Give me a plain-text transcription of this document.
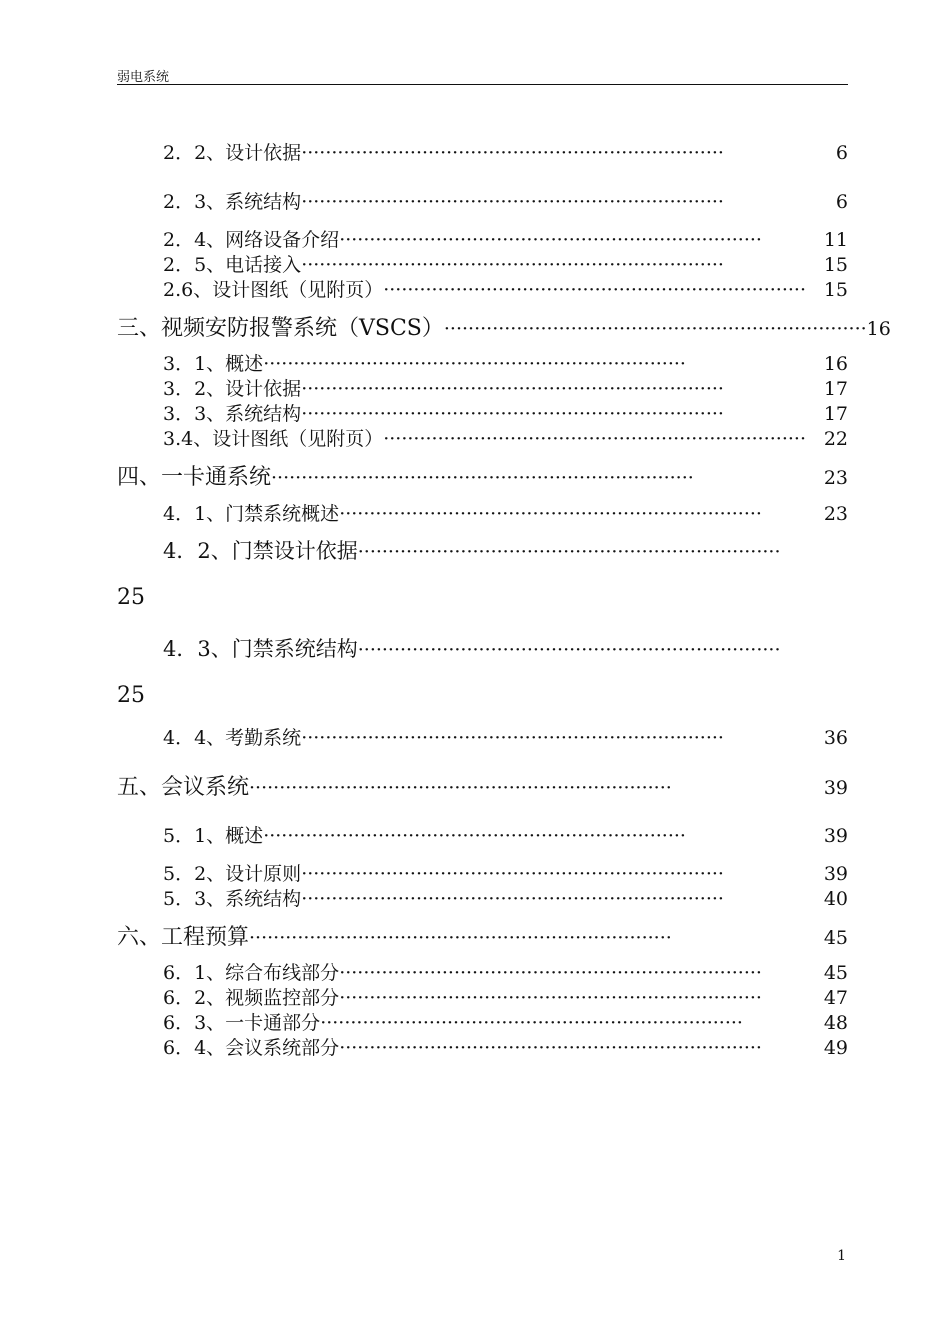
弱电系统
2．2、设计依据 ······································································	6
2．3、系统结构 ······································································	6
2．4、网络设备介绍 ······································································	11
2．5、电话接入 ······································································	15
2.6、设计图纸（见附页） ······································································ 15
三、视频安防报警系统（VSCS） ······································································ 16
3．1、概述 ······································································	16
3．2、设计依据 ······································································	17
3．3、系统结构 ······································································	17
3.4、设计图纸（见附页） ······································································ 22
四、一卡通系统 ······································································	23
4．1、门禁系统概述 ······································································	23
4．2、门禁设计依据 ······································································
25
4．3、门禁系统结构 ······································································
25
4．4、考勤系统 ······································································	36
五、会议系统 ······································································	39
5．1、概述 ······································································	39
5．2、设计原则 ······································································	39
5．3、系统结构 ······································································	40
六、工程预算 ······································································	45
6．1、综合布线部分 ······································································	45
6．2、视频监控部分 ······································································	47
6．3、一卡通部分 ······································································	48
6．4、会议系统部分 ······································································	49
1
